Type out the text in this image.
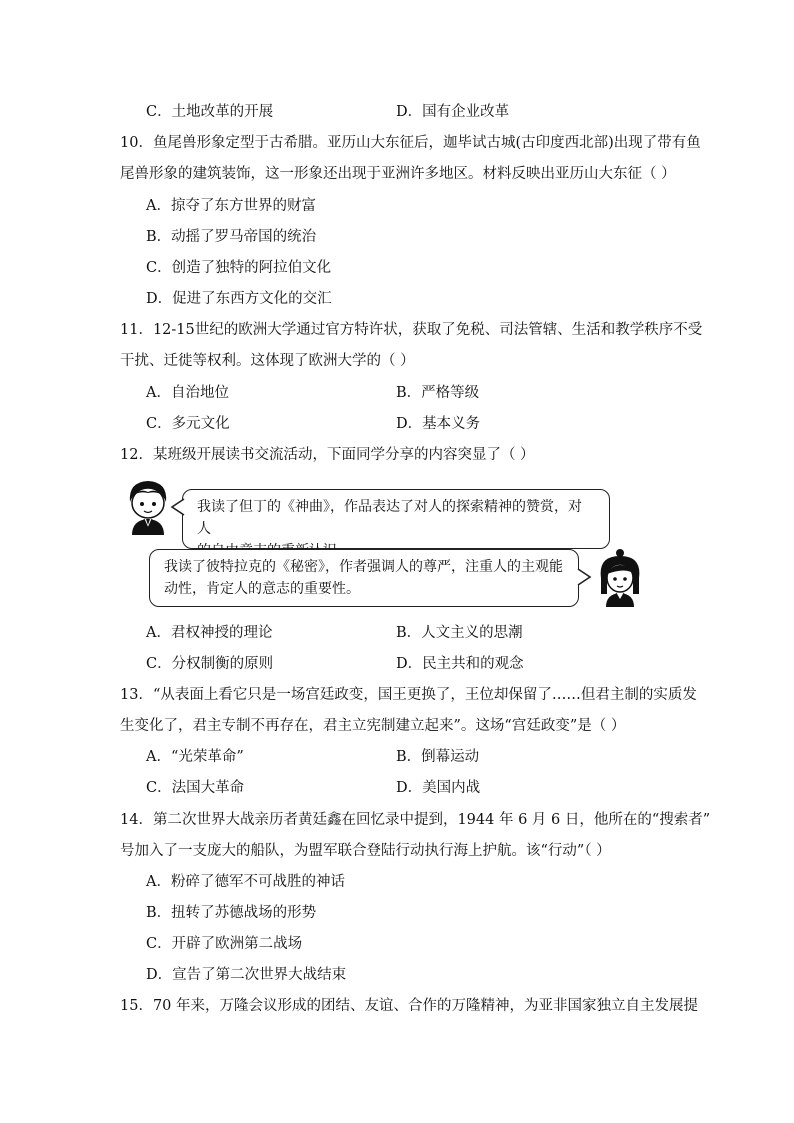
C．土地改革的开展	D．国有企业改革
10．鱼尾兽形象定型于古希腊。亚历山大东征后，迦毕试古城(古印度西北部)出现了带有鱼
尾兽形象的建筑装饰，这一形象还出现于亚洲许多地区。材料反映出亚历山大东征（ ）
A．掠夺了东方世界的财富
B．动摇了罗马帝国的统治
C．创造了独特的阿拉伯文化
D．促进了东西方文化的交汇
11．12-15世纪的欧洲大学通过官方特许状，获取了免税、司法管辖、生活和教学秩序不受
干扰、迁徙等权利。这体现了欧洲大学的（ ）
A．自治地位	B．严格等级
C．多元文化	D．基本义务
12．某班级开展读书交流活动，下面同学分享的内容突显了（ ）
我读了但丁的《神曲》，作品表达了对人的探索精神的赞赏，对人
我读了彼特拉克的《秘密》，作者强调人的尊严，注重人的主观能
动性，肯定人的意志的重要性。
A．君权神授的理论	B．人文主义的思潮
C．分权制衡的原则	D．民主共和的观念
13．“从表面上看它只是一场宫廷政变，国王更换了，王位却保留了……但君主制的实质发
生变化了，君主专制不再存在，君主立宪制建立起来”。这场“宫廷政变”是（ ）
A．“光荣革命”	B．倒幕运动
C．法国大革命	D．美国内战
14．第二次世界大战亲历者黄廷鑫在回忆录中提到，1944 年 6 月 6 日，他所在的“搜索者”
号加入了一支庞大的船队，为盟军联合登陆行动执行海上护航。该“行动”（ ）
A．粉碎了德军不可战胜的神话
B．扭转了苏德战场的形势
C．开辟了欧洲第二战场
D．宣告了第二次世界大战结束
15．70 年来，万隆会议形成的团结、友谊、合作的万隆精神，为亚非国家独立自主发展提
